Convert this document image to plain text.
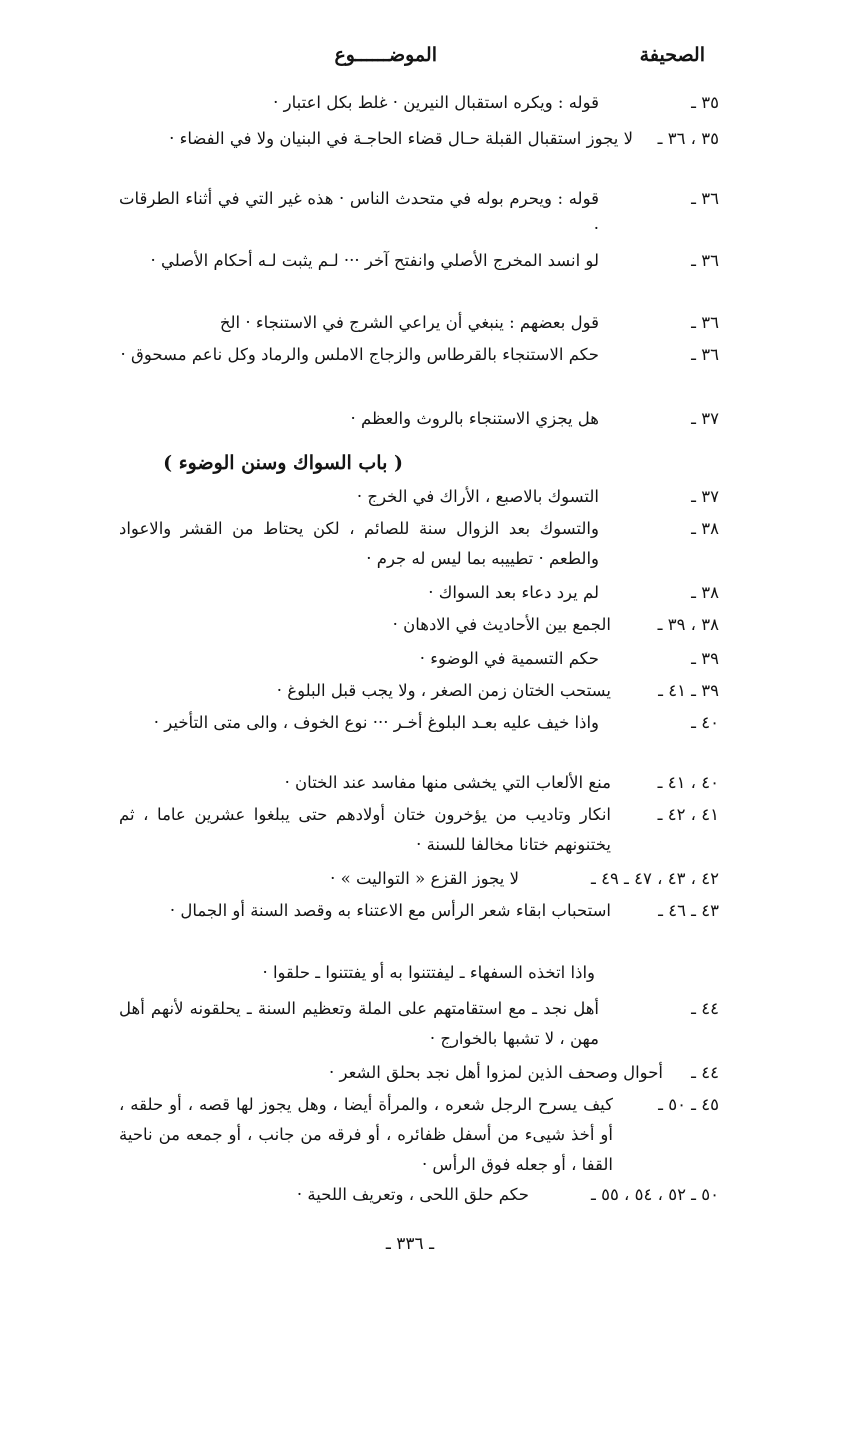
الصحيفة
الموضــــــوع
٣٥ ـ
قوله : ويكره استقبال النيرين · غلط بكل اعتبار ·
٣٥ ، ٣٦ ـ
لا يجوز استقبال القبلة حـال قضاء الحاجـة في البنيان ولا في الفضاء ·
٣٦ ـ
قوله : ويحرم بوله في متحدث الناس · هذه غير التي في أثناء الطرقات ·
٣٦ ـ
لو انسد المخرج الأصلي وانفتح آخر ··· لـم يثبت لـه أحكام الأصلي ·
٣٦ ـ
قول بعضهم : ينبغي أن يراعي الشرج في الاستنجاء · الخ
٣٦ ـ
حكم الاستنجاء بالقرطاس والزجاج الاملس والرماد وكل ناعم مسحوق ·
٣٧ ـ
هل يجزي الاستنجاء بالروث والعظم ·
( باب السواك وسنن الوضوء )
٣٧ ـ
التسوك بالاصبع ، الأراك في الخرج ·
٣٨ ـ
والتسوك بعد الزوال سنة للصائم ، لكن يحتاط من القشر والاعواد والطعم · تطييبه بما ليس له جرم ·
٣٨ ـ
لم يرد دعاء بعد السواك ·
٣٨ ، ٣٩ ـ
الجمع بين الأحاديث في الادهان ·
٣٩ ـ
حكم التسمية في الوضوء ·
٣٩ ـ ٤١ ـ
يستحب الختان زمن الصغر ، ولا يجب قبل البلوغ ·
٤٠ ـ
واذا خيف عليه بعـد البلوغ أخـر ··· نوع الخوف ، والى متى التأخير ·
٤٠ ، ٤١ ـ
منع الألعاب التي يخشى منها مفاسد عند الختان ·
٤١ ، ٤٢ ـ
انكار وتاديب من يؤخرون ختان أولادهم حتى يبلغوا عشرين عاما ، ثم يختنونهم ختانا مخالفا للسنة ·
٤٢ ، ٤٣ ، ٤٧ ـ ٤٩ ـ
لا يجوز القزع « التواليت » ·
٤٣ ـ ٤٦ ـ
استحباب ابقاء شعر الرأس مع الاعتناء به وقصد السنة أو الجمال ·
واذا اتخذه السفهاء ـ ليفتتنوا به أو يفتتنوا ـ حلقوا ·
٤٤ ـ
أهل نجد ـ مع استقامتهم على الملة وتعظيم السنة ـ يحلقونه لأنهم أهل مهن ، لا تشبها بالخوارج ·
٤٤ ـ
أحوال وصحف الذين لمزوا أهل نجد بحلق الشعر ·
٤٥ ـ ٥٠ ـ
كيف يسرح الرجل شعره ، والمرأة أيضا ، وهل يجوز لها قصه ، أو حلقه ، أو أخذ شيىء من أسفل ظفائره ، أو فرقه من جانب ، أو جمعه من ناحية القفا ، أو جعله فوق الرأس ·
٥٠ ـ ٥٢ ، ٥٤ ، ٥٥ ـ
حكم حلق اللحى ، وتعريف اللحية ·
ـ ٣٣٦ ـ
